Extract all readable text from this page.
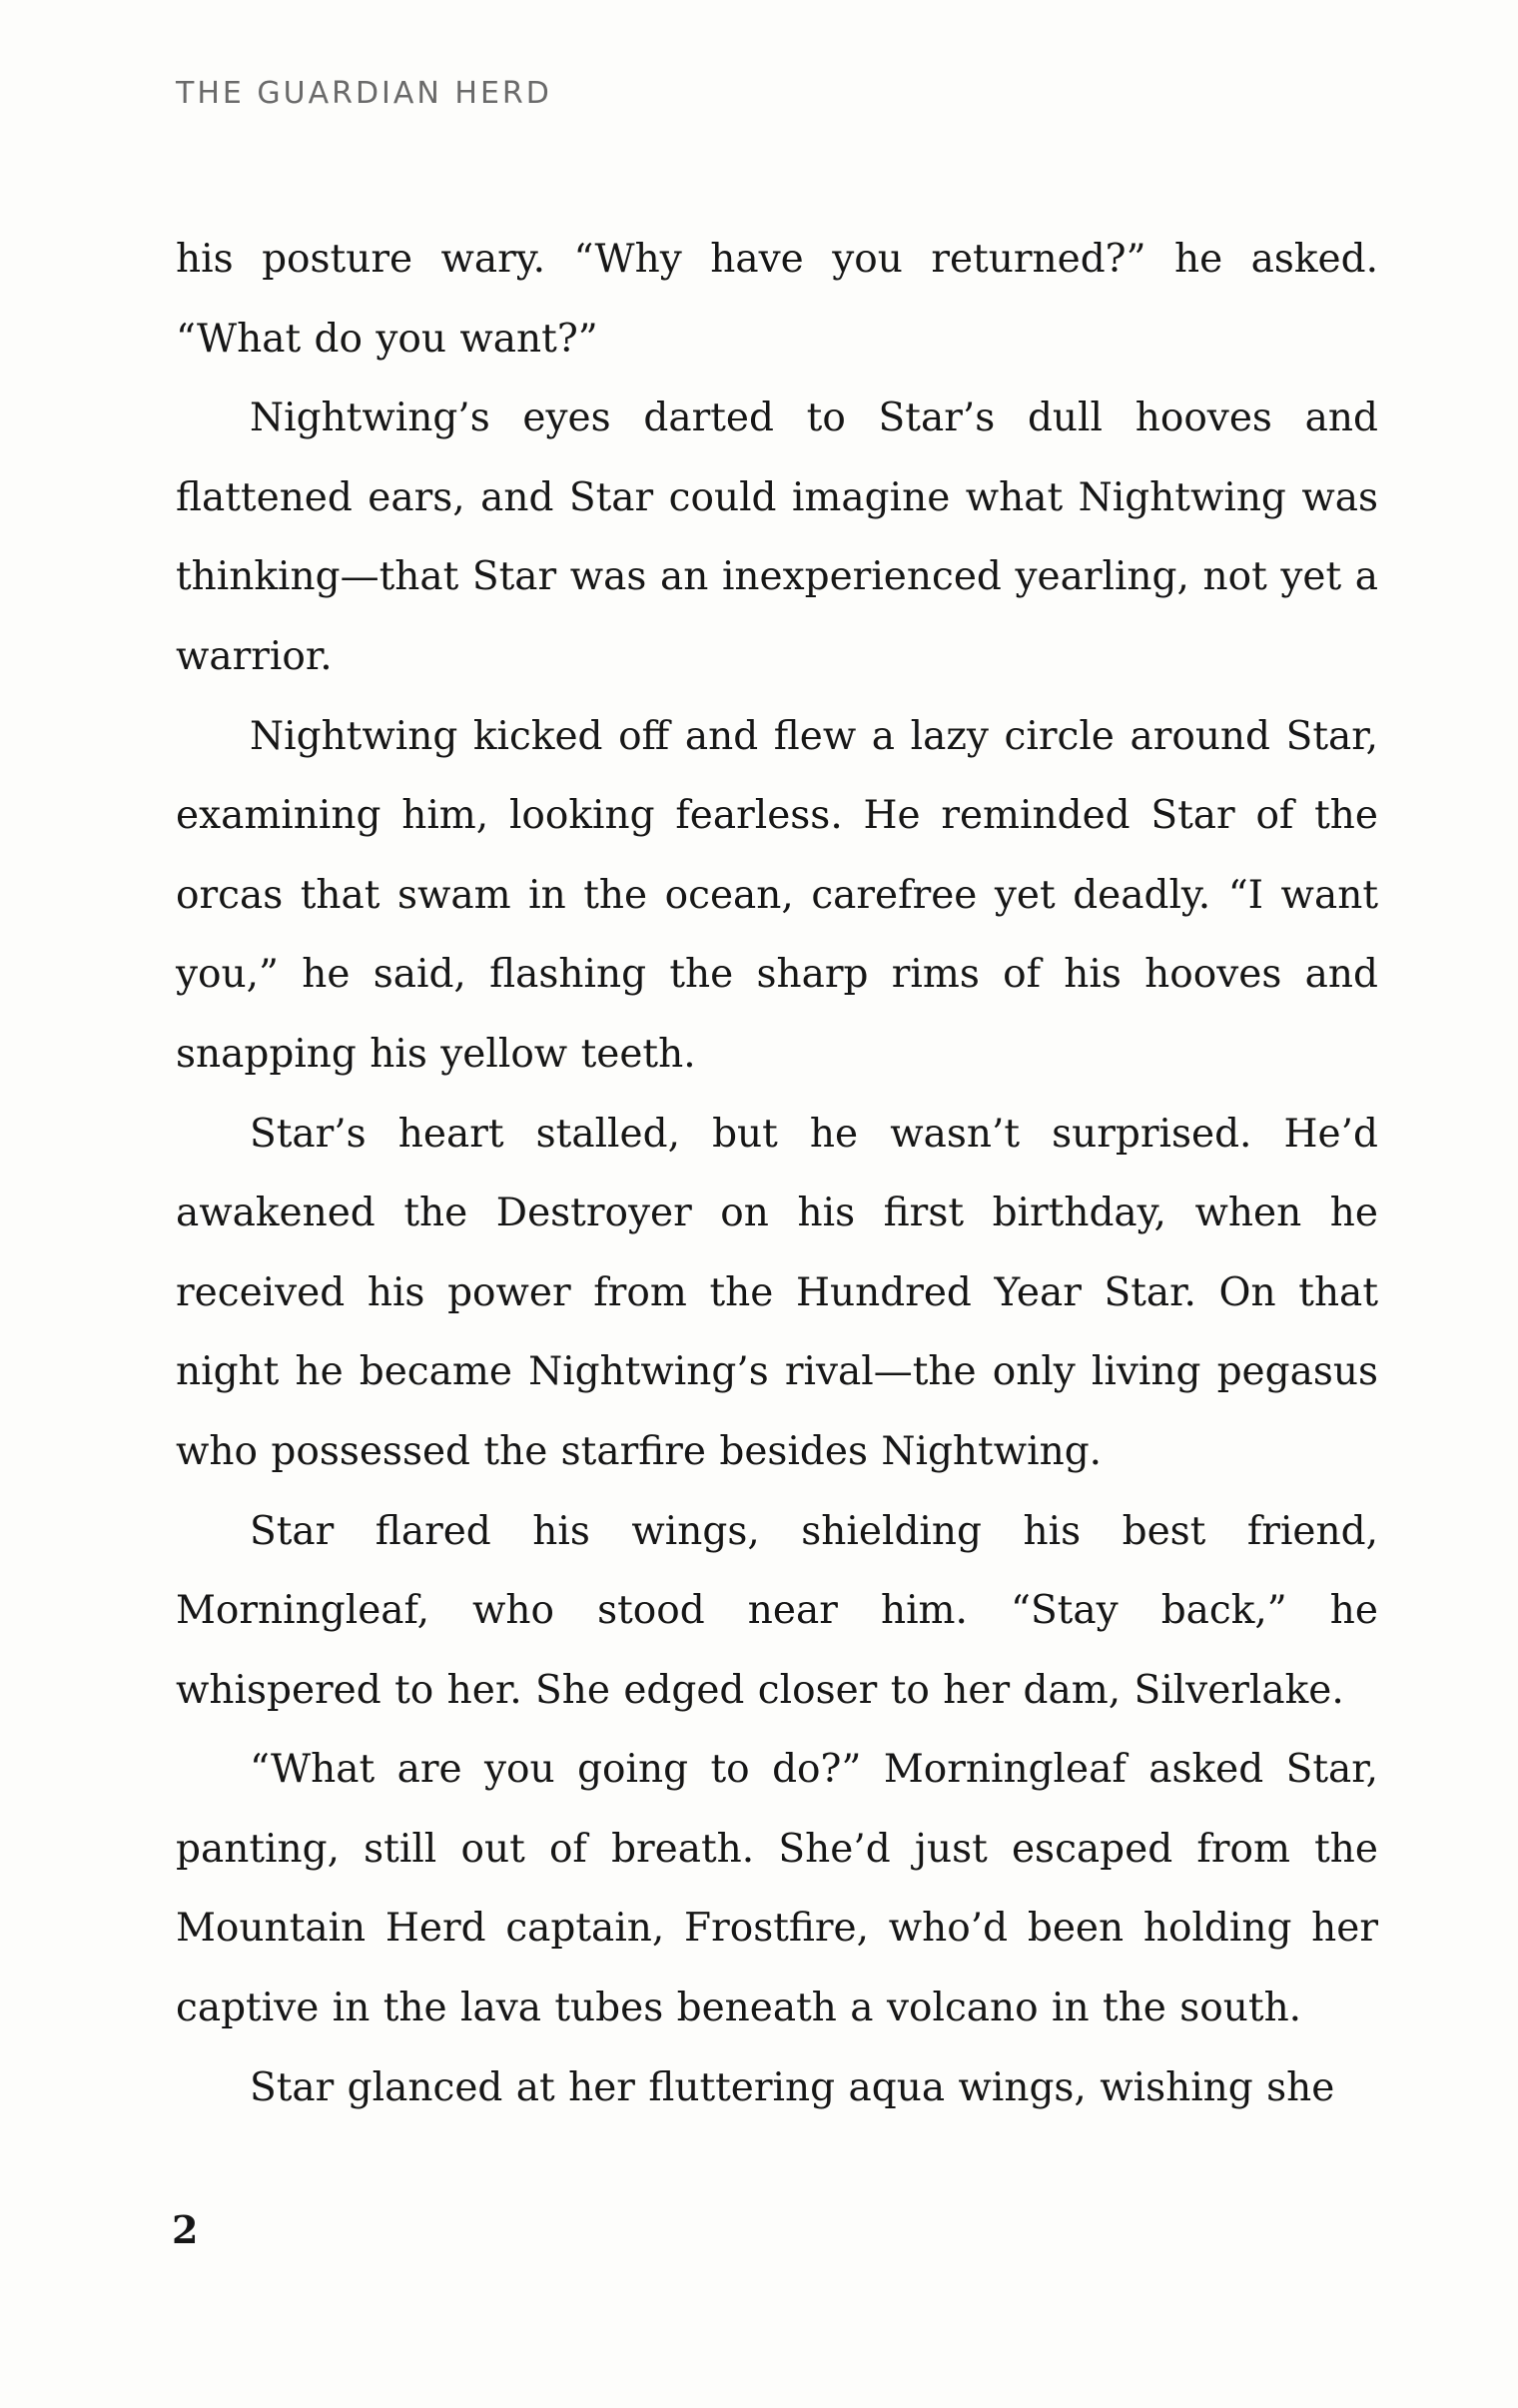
THE GUARDIAN HERD

his posture wary. “Why have you returned?” he asked. “What do you want?”

Nightwing’s eyes darted to Star’s dull hooves and flattened ears, and Star could imagine what Nightwing was thinking—that Star was an inexperienced yearling, not yet a warrior.

Nightwing kicked off and flew a lazy circle around Star, examining him, looking fearless. He reminded Star of the orcas that swam in the ocean, carefree yet deadly. “I want you,” he said, flashing the sharp rims of his hooves and snapping his yellow teeth.

Star’s heart stalled, but he wasn’t surprised. He’d awakened the Destroyer on his first birthday, when he received his power from the Hundred Year Star. On that night he became Nightwing’s rival—the only living pegasus who possessed the starfire besides Nightwing.

Star flared his wings, shielding his best friend, Morningleaf, who stood near him. “Stay back,” he whispered to her. She edged closer to her dam, Silverlake.

“What are you going to do?” Morningleaf asked Star, panting, still out of breath. She’d just escaped from the Mountain Herd captain, Frostfire, who’d been holding her captive in the lava tubes beneath a volcano in the south.

Star glanced at her fluttering aqua wings, wishing she

2
